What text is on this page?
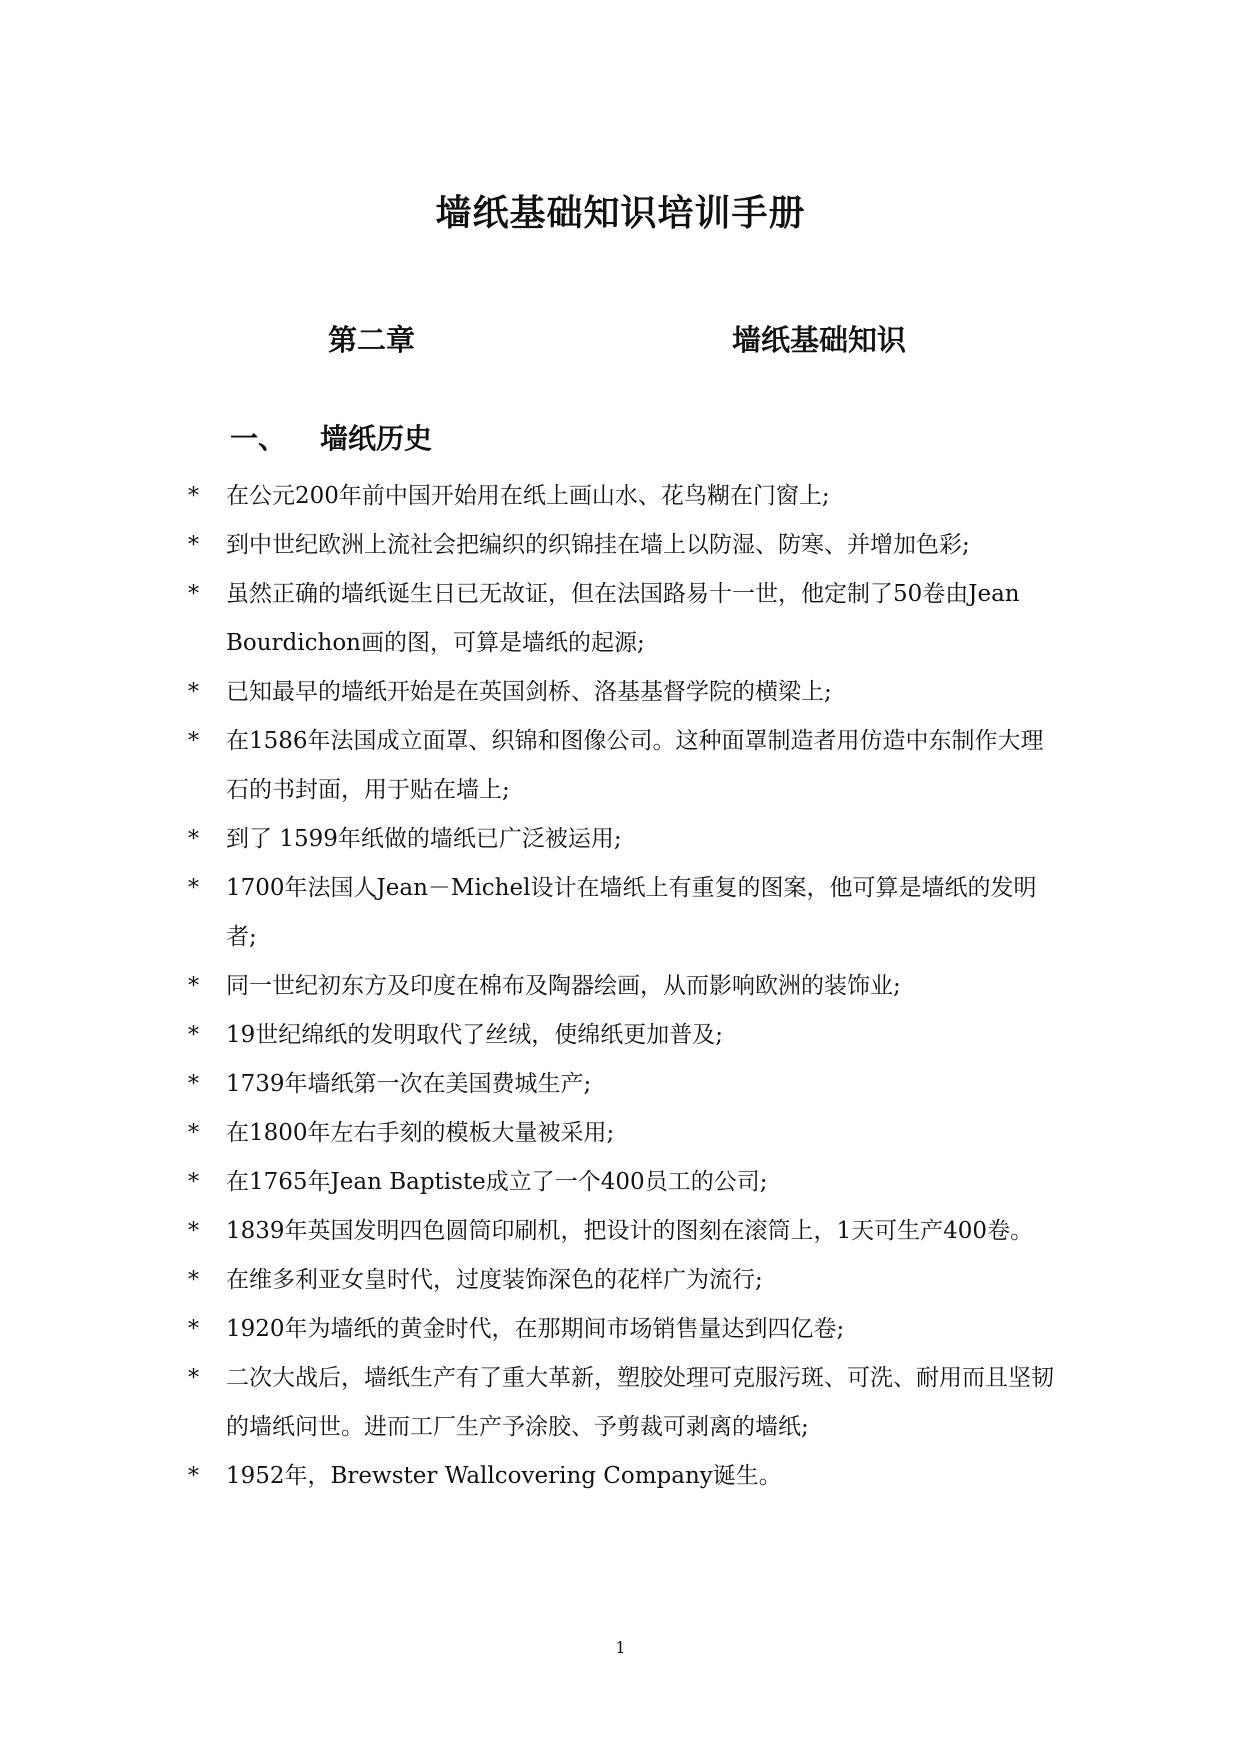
墙纸基础知识培训手册
第二章	墙纸基础知识
一、 墙纸历史
*	在公元200年前中国开始用在纸上画山水、花鸟糊在门窗上;
*	到中世纪欧洲上流社会把编织的织锦挂在墙上以防湿、防寒、并增加色彩;
*	虽然正确的墙纸诞生日已无故证，但在法国路易十一世，他定制了50卷由Jean Bourdichon画的图，可算是墙纸的起源;
*	已知最早的墙纸开始是在英国剑桥、洛基基督学院的横梁上;
*	在1586年法国成立面罩、织锦和图像公司。这种面罩制造者用仿造中东制作大理石的书封面，用于贴在墙上;
*	到了 1599年纸做的墙纸已广泛被运用;
*	1700年法国人Jean－Michel设计在墙纸上有重复的图案，他可算是墙纸的发明者;
*	同一世纪初东方及印度在棉布及陶器绘画，从而影响欧洲的装饰业;
*	19世纪绵纸的发明取代了丝绒，使绵纸更加普及;
*	1739年墙纸第一次在美国费城生产;
*	在1800年左右手刻的模板大量被采用;
*	在1765年Jean Baptiste成立了一个400员工的公司;
*	1839年英国发明四色圆筒印刷机，把设计的图刻在滚筒上，1天可生产400卷。
*	在维多利亚女皇时代，过度装饰深色的花样广为流行;
*	1920年为墙纸的黄金时代，在那期间市场销售量达到四亿卷;
*	二次大战后，墙纸生产有了重大革新，塑胶处理可克服污斑、可洗、耐用而且坚韧的墙纸问世。进而工厂生产予涂胶、予剪裁可剥离的墙纸;
*	1952年，Brewster Wallcovering Company诞生。
1
